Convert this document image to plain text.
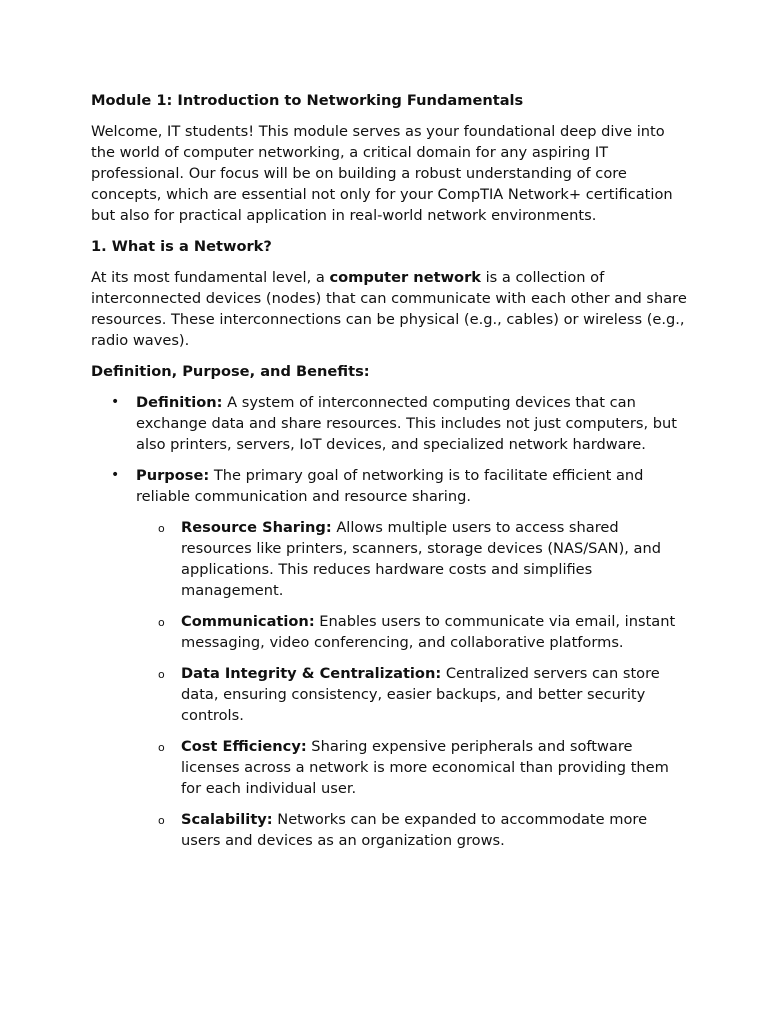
Module 1: Introduction to Networking Fundamentals

Welcome, IT students! This module serves as your foundational deep dive into the world of computer networking, a critical domain for any aspiring IT professional. Our focus will be on building a robust understanding of core concepts, which are essential not only for your CompTIA Network+ certification but also for practical application in real-world network environments.

1. What is a Network?

At its most fundamental level, a computer network is a collection of interconnected devices (nodes) that can communicate with each other and share resources. These interconnections can be physical (e.g., cables) or wireless (e.g., radio waves).

Definition, Purpose, and Benefits:
• Definition: A system of interconnected computing devices that can exchange data and share resources. This includes not just computers, but also printers, servers, IoT devices, and specialized network hardware.
• Purpose: The primary goal of networking is to facilitate efficient and reliable communication and resource sharing.
o Resource Sharing: Allows multiple users to access shared resources like printers, scanners, storage devices (NAS/SAN), and applications. This reduces hardware costs and simplifies management.
o Communication: Enables users to communicate via email, instant messaging, video conferencing, and collaborative platforms.
o Data Integrity & Centralization: Centralized servers can store data, ensuring consistency, easier backups, and better security controls.
o Cost Efficiency: Sharing expensive peripherals and software licenses across a network is more economical than providing them for each individual user.
o Scalability: Networks can be expanded to accommodate more users and devices as an organization grows.
